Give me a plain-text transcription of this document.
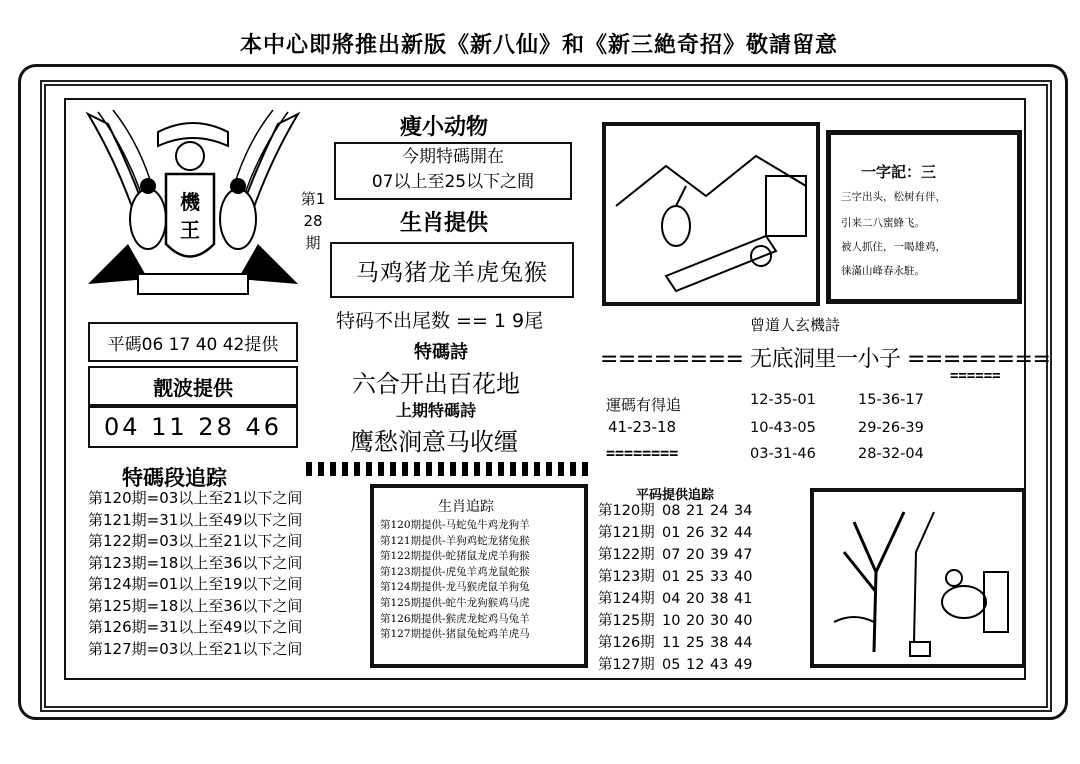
本中心即將推出新版《新八仙》和《新三絶奇招》敬請留意
機
王
第128期
平碼06 17 40 42提供
靓波提供
04 11 28 46
瘦小动物
今期特碼開在
07以上至25以下之間
生肖提供
马鸡猪龙羊虎兔猴
特码不出尾数 == 1 9尾
特碼詩
六合开出百花地
上期特碼詩
鹰愁涧意马收缰
一字記：三
三字出头，松树有伴，
引来二八蜜蜂飞。
被人抓住，一喝雄鸡，
徕滿山峰春永駐。
曾道人玄機詩
======== 无底洞里一小子 ========
======
運碼有得追
41-23-18
========
12-35-01
10-43-05
03-31-46
15-36-17
29-26-39
28-32-04
特碼段追踪
第120期=03以上至21以下之间
第121期=31以上至49以下之间
第122期=03以上至21以下之间
第123期=18以上至36以下之间
第124期=01以上至19以下之间
第125期=18以上至36以下之间
第126期=31以上至49以下之间
第127期=03以上至21以下之间
生肖追踪
第120期提供-马蛇兔牛鸡龙狗羊
第121期提供-羊狗鸡蛇龙猪兔猴
第122期提供-蛇猪鼠龙虎羊狗猴
第123期提供-虎兔羊鸡龙鼠蛇猴
第124期提供-龙马猴虎鼠羊狗兔
第125期提供-蛇牛龙狗猴鸡马虎
第126期提供-猴虎龙蛇鸡马兔羊
第127期提供-猪鼠兔蛇鸡羊虎马
平码提供追踪
第120期 08 21 24 34
第121期 01 26 32 44
第122期 07 20 39 47
第123期 01 25 33 40
第124期 04 20 38 41
第125期 10 20 30 40
第126期 11 25 38 44
第127期 05 12 43 49
